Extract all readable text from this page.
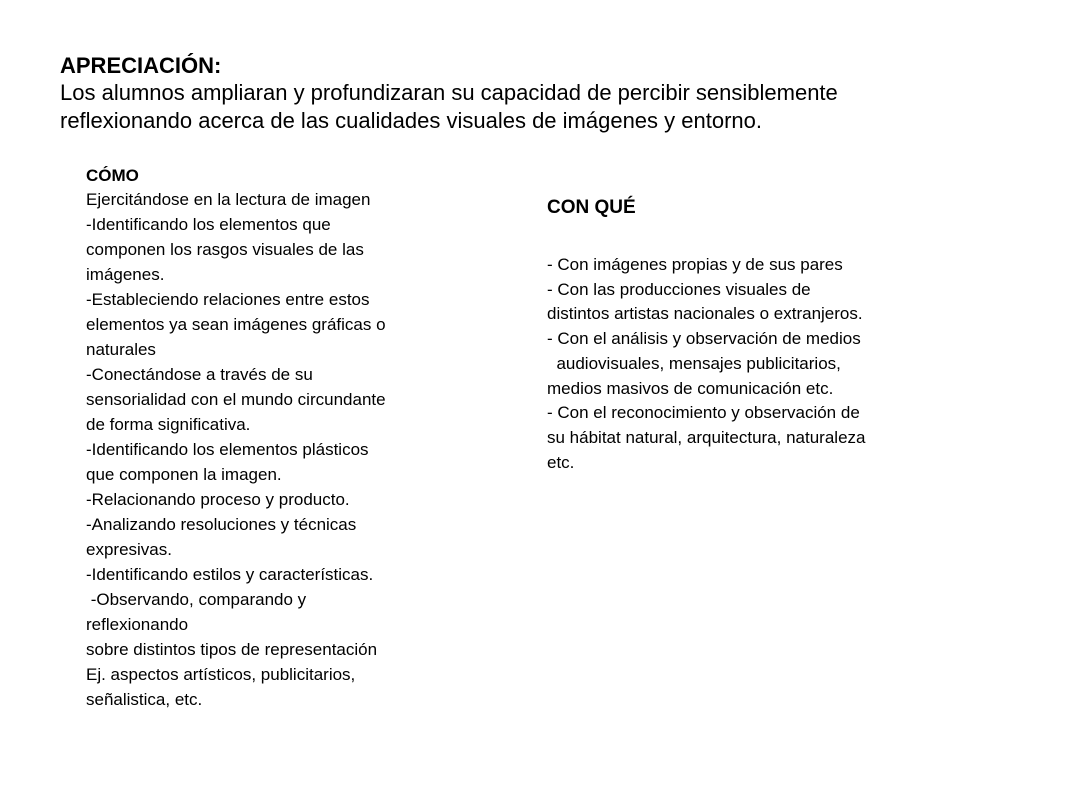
APRECIACIÓN:

Los alumnos ampliaran y profundizaran su capacidad de percibir sensiblemente

reflexionando acerca de las cualidades visuales de imágenes y entorno.

CÓMO

Ejercitándose en la lectura de imagen

-Identificando los elementos que

componen los rasgos visuales de las

imágenes.

-Estableciendo relaciones entre estos

elementos ya sean imágenes gráficas o

naturales

-Conectándose a través de su

sensorialidad con el mundo circundante

de forma significativa.

-Identificando los elementos plásticos

que componen la imagen.

-Relacionando proceso y producto.

-Analizando resoluciones y técnicas

expresivas.

-Identificando estilos y características.

-Observando, comparando y

reflexionando

sobre distintos tipos de representación

Ej. aspectos artísticos, publicitarios,

señalistica, etc.

CON QUÉ

- Con imágenes propias y de sus pares

- Con las producciones visuales de

distintos artistas nacionales o extranjeros.

- Con el análisis y observación de medios

audiovisuales, mensajes publicitarios,

medios masivos de comunicación etc.

- Con el reconocimiento y observación de

su hábitat natural, arquitectura, naturaleza

etc.
